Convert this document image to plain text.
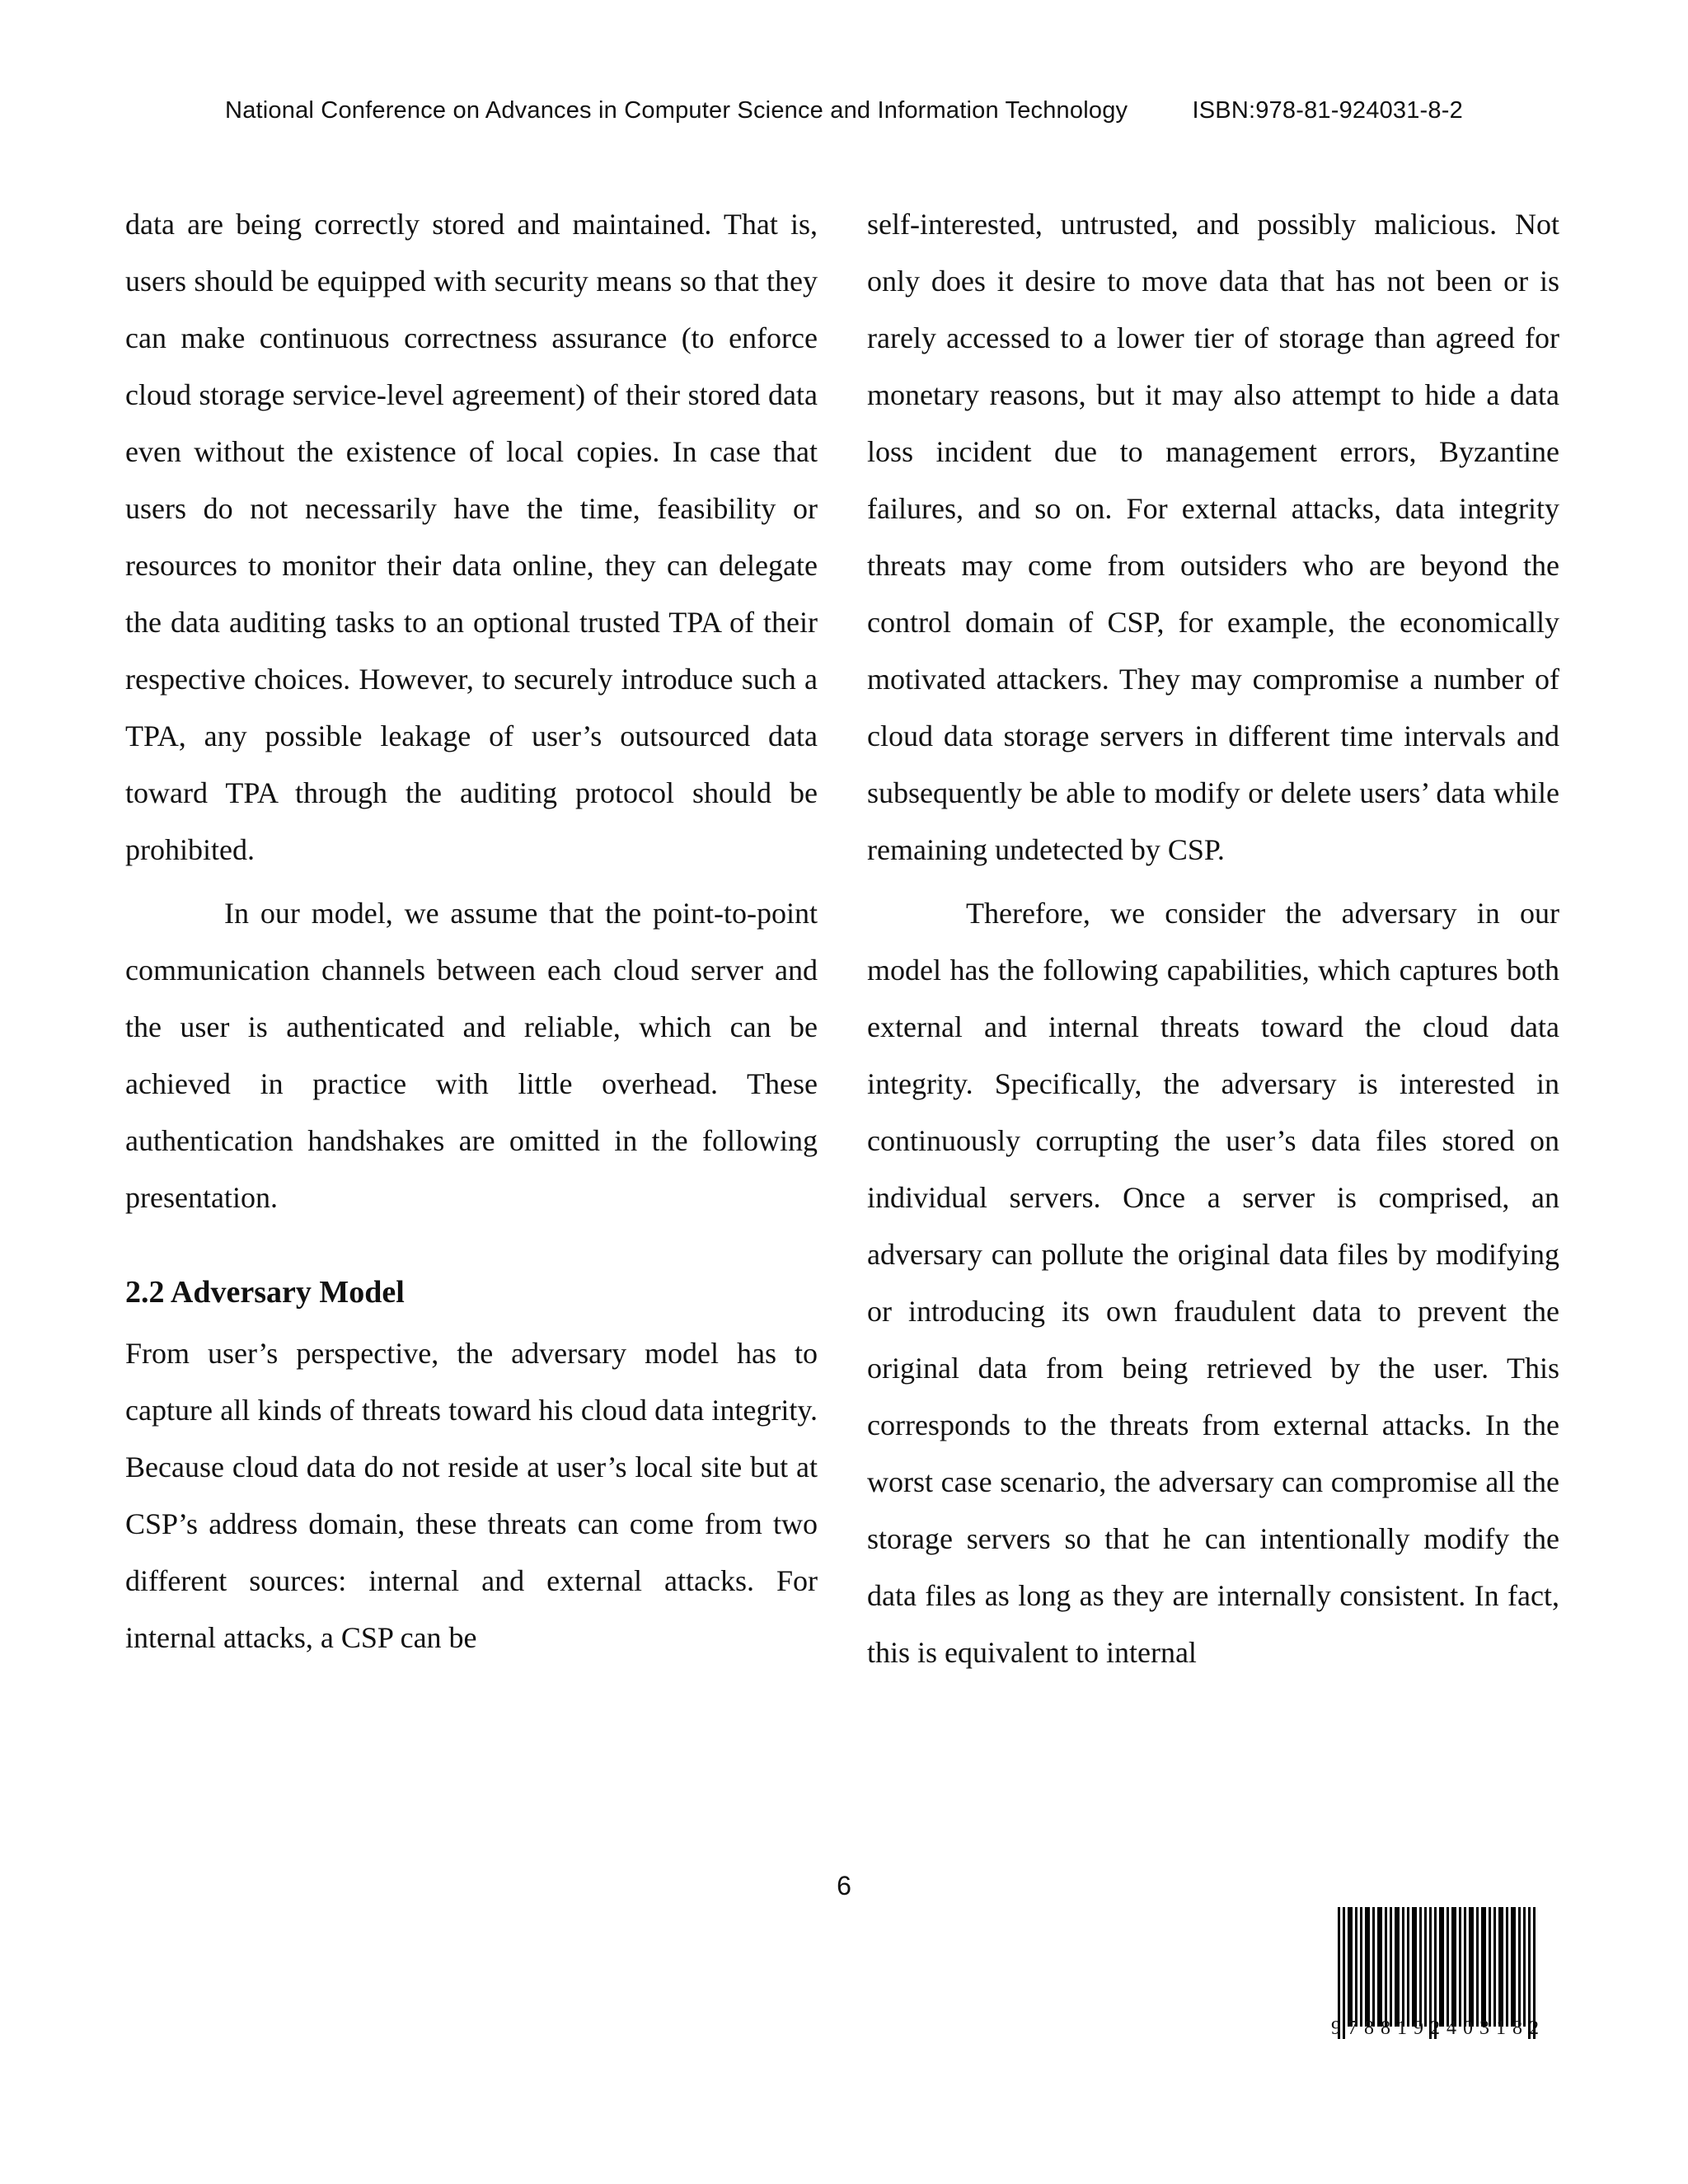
National Conference on Advances in Computer Science and Information Technology	ISBN:978-81-924031-8-2

data are being correctly stored and maintained. That is, users should be equipped with security means so that they can make continuous correctness assurance (to enforce cloud storage service-level agreement) of their stored data even without the existence of local copies. In case that users do not necessarily have the time, feasibility or resources to monitor their data online, they can delegate the data auditing tasks to an optional trusted TPA of their respective choices. However, to securely introduce such a TPA, any possible leakage of user’s outsourced data toward TPA through the auditing protocol should be prohibited.

In our model, we assume that the point-to-point communication channels between each cloud server and the user is authenticated and reliable, which can be achieved in practice with little overhead. These authentication handshakes are omitted in the following presentation.

2.2 Adversary Model

From user’s perspective, the adversary model has to capture all kinds of threats toward his cloud data integrity. Because cloud data do not reside at user’s local site but at CSP’s address domain, these threats can come from two different sources: internal and external attacks. For internal attacks, a CSP can be

self-interested, untrusted, and possibly malicious. Not only does it desire to move data that has not been or is rarely accessed to a lower tier of storage than agreed for monetary reasons, but it may also attempt to hide a data loss incident due to management errors, Byzantine failures, and so on. For external attacks, data integrity threats may come from outsiders who are beyond the control domain of CSP, for example, the economically motivated attackers. They may compromise a number of cloud data storage servers in different time intervals and subsequently be able to modify or delete users’ data while remaining undetected by CSP.

Therefore, we consider the adversary in our model has the following capabilities, which captures both external and internal threats toward the cloud data integrity. Specifically, the adversary is interested in continuously corrupting the user’s data files stored on individual servers. Once a server is comprised, an adversary can pollute the original data files by modifying or introducing its own fraudulent data to prevent the original data from being retrieved by the user. This corresponds to the threats from external attacks. In the worst case scenario, the adversary can compromise all the storage servers so that he can intentionally modify the data files as long as they are internally consistent. In fact, this is equivalent to internal

6
9788192403182
